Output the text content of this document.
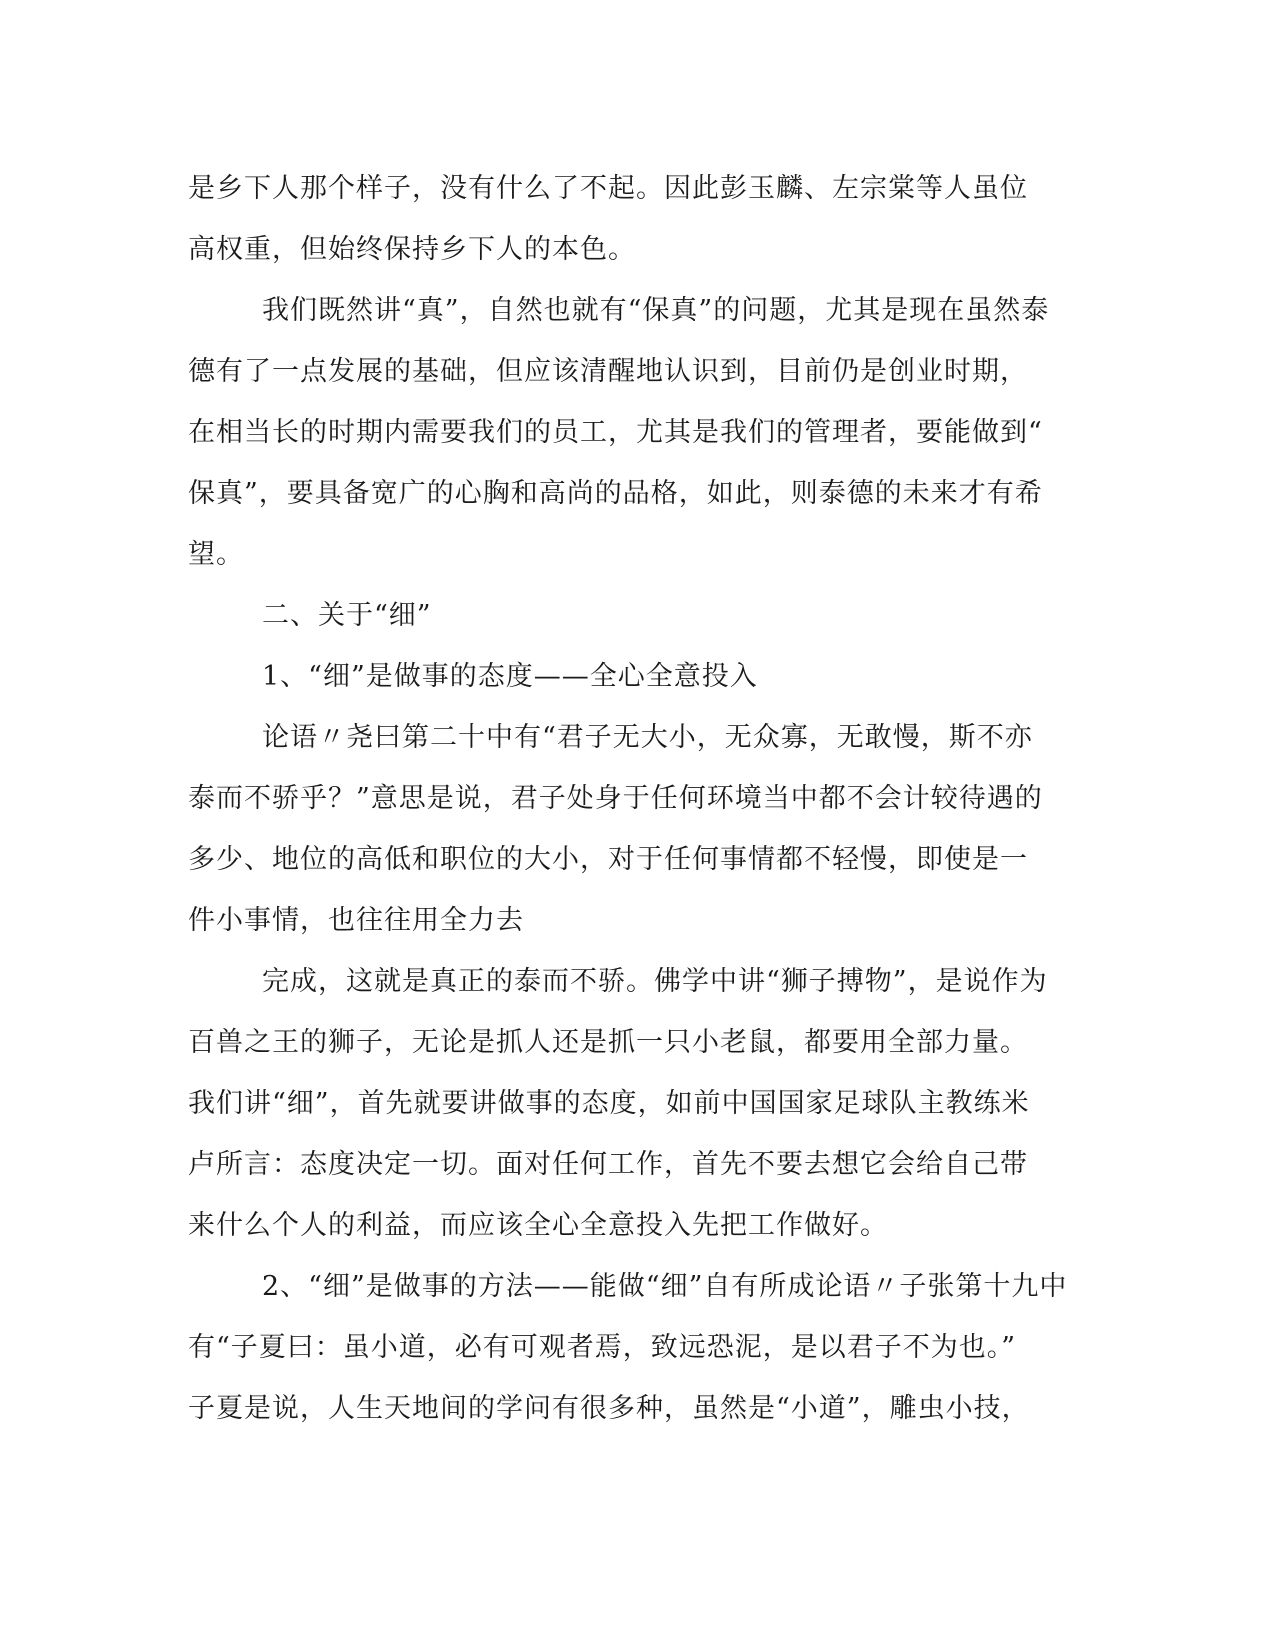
是乡下人那个样子，没有什么了不起。因此彭玉麟、左宗棠等人虽位
高权重，但始终保持乡下人的本色。
我们既然讲“真”，自然也就有“保真”的问题，尤其是现在虽然泰
德有了一点发展的基础，但应该清醒地认识到，目前仍是创业时期，
在相当长的时期内需要我们的员工，尤其是我们的管理者，要能做到“
保真”，要具备宽广的心胸和高尚的品格，如此，则泰德的未来才有希
望。
二、关于“细”
1、“细”是做事的态度——全心全意投入
论语〃尧曰第二十中有“君子无大小，无众寡，无敢慢，斯不亦
泰而不骄乎？”意思是说，君子处身于任何环境当中都不会计较待遇的
多少、地位的高低和职位的大小，对于任何事情都不轻慢，即使是一
件小事情，也往往用全力去
完成，这就是真正的泰而不骄。佛学中讲“狮子搏物”，是说作为
百兽之王的狮子，无论是抓人还是抓一只小老鼠，都要用全部力量。
我们讲“细”，首先就要讲做事的态度，如前中国国家足球队主教练米
卢所言：态度决定一切。面对任何工作，首先不要去想它会给自己带
来什么个人的利益，而应该全心全意投入先把工作做好。
2、“细”是做事的方法——能做“细”自有所成论语〃子张第十九中
有“子夏曰：虽小道，必有可观者焉，致远恐泥，是以君子不为也。”
子夏是说，人生天地间的学问有很多种，虽然是“小道”，雕虫小技，
